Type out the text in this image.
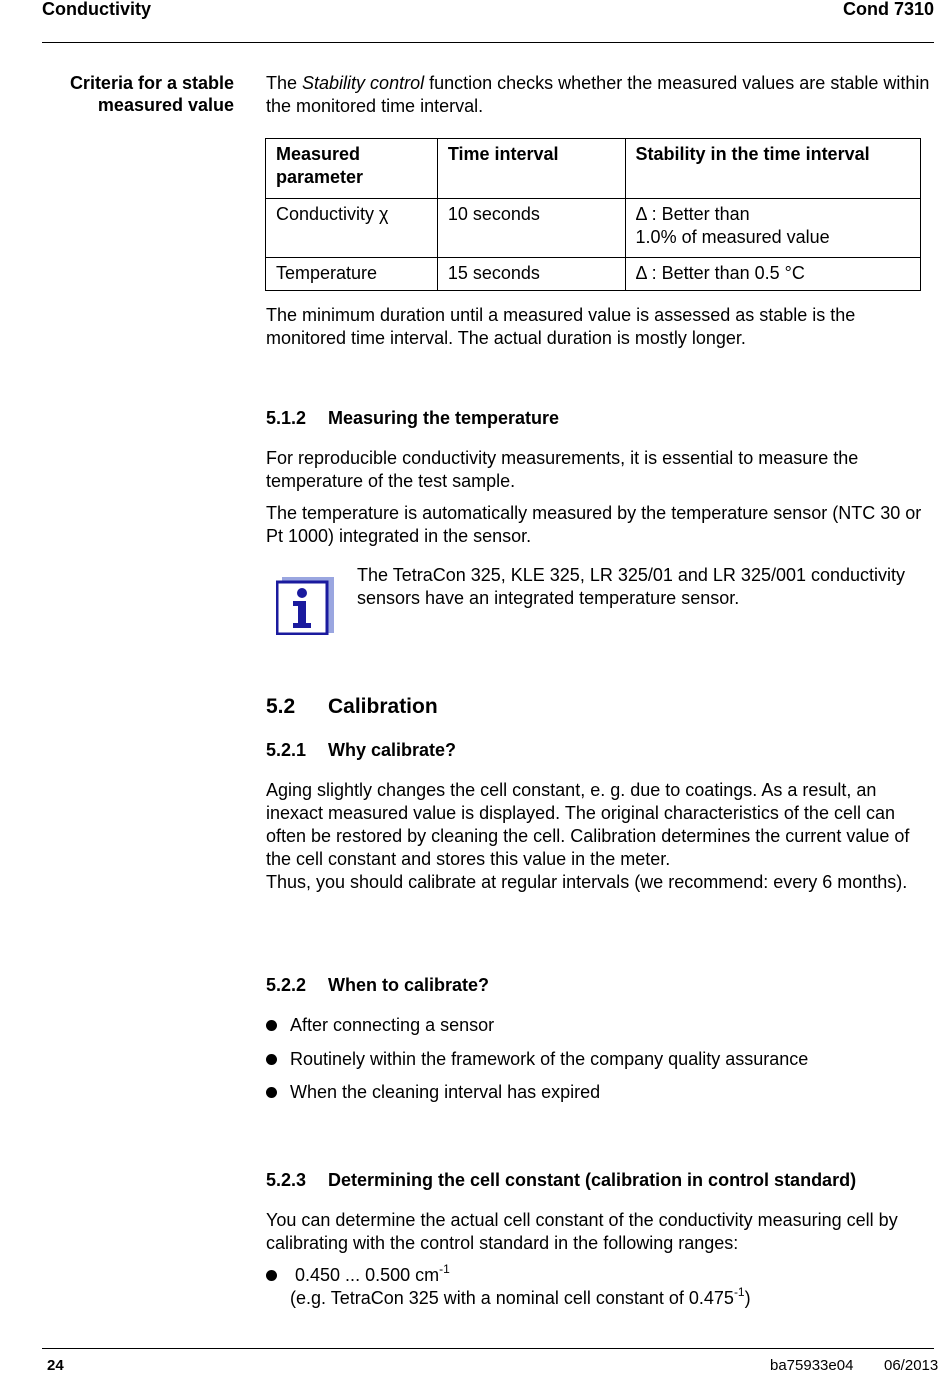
Conductivity	Cond 7310
Criteria for a stable
measured value
The Stability control function checks whether the measured values are stable within the monitored time interval.
Measured parameter	Time interval	Stability in the time interval
Conductivity χ	10 seconds	Δ : Better than
1.0% of measured value

Temperature	15 seconds	Δ : Better than 0.5 °C
The minimum duration until a measured value is assessed as stable is the monitored time interval. The actual duration is mostly longer.
5.1.2 Measuring the temperature
For reproducible conductivity measurements, it is essential to measure the temperature of the test sample.
The temperature is automatically measured by the temperature sensor (NTC 30 or Pt 1000) integrated in the sensor.
The TetraCon 325, KLE 325, LR 325/01 and LR 325/001 conductivity sensors have an integrated temperature sensor.
5.2 Calibration
5.2.1 Why calibrate?
Aging slightly changes the cell constant, e. g. due to coatings. As a result, an inexact measured value is displayed. The original characteristics of the cell can often be restored by cleaning the cell. Calibration determines the current value of the cell constant and stores this value in the meter.
Thus, you should calibrate at regular intervals (we recommend: every 6 months).
5.2.2 When to calibrate?
After connecting a sensor
Routinely within the framework of the company quality assurance
When the cleaning interval has expired
5.2.3 Determining the cell constant (calibration in control standard)
You can determine the actual cell constant of the conductivity measuring cell by calibrating with the control standard in the following ranges:
0.450 ... 0.500 $cm^{-1}$
(e.g. TetraCon 325 with a nominal cell constant of $0.475^{-1}$)
24	ba75933e04 06/2013
